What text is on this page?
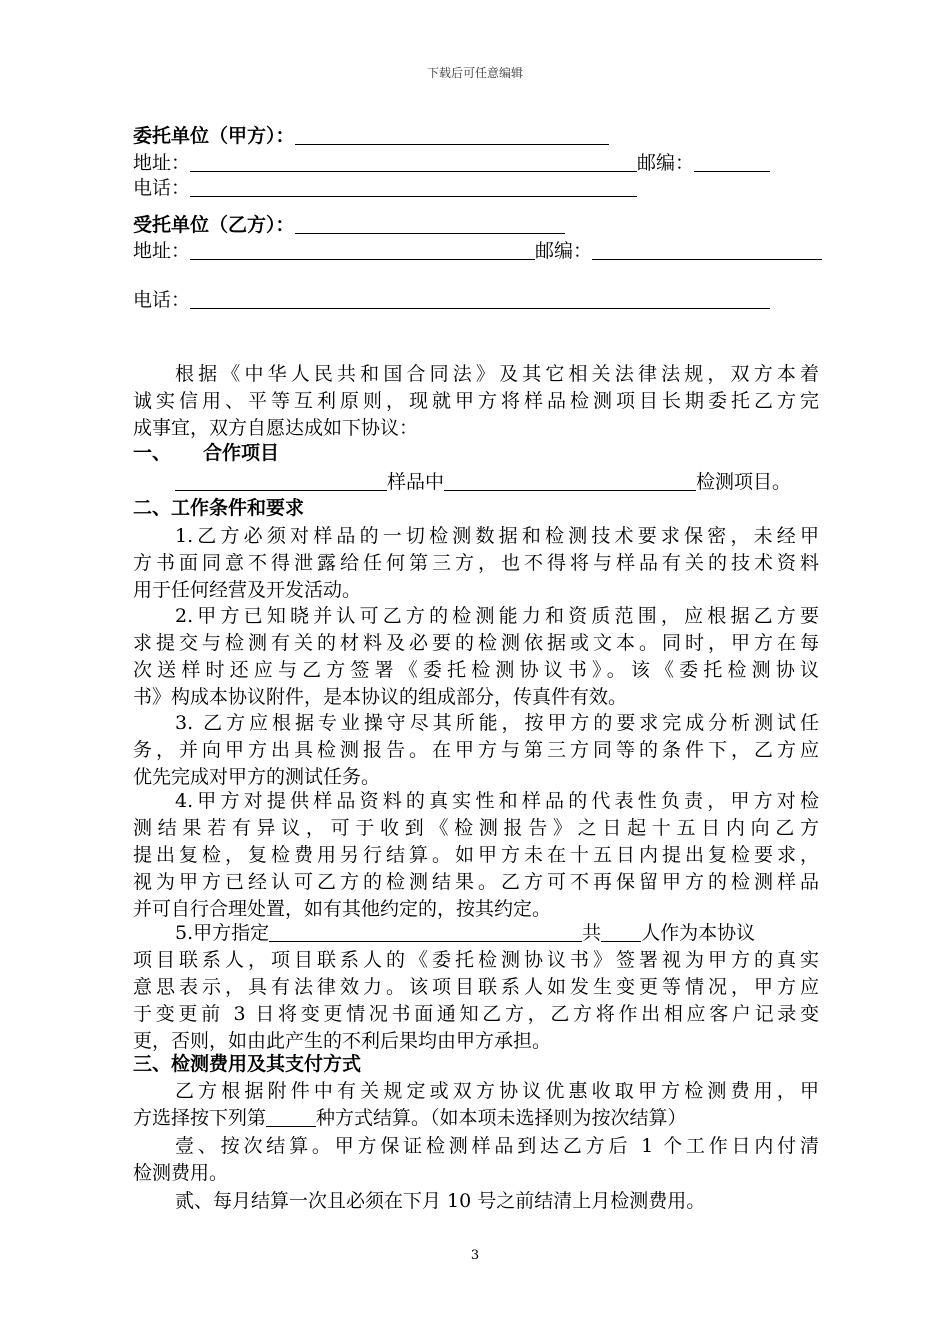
下载后可任意编辑
委托单位（甲方）：
地址：	邮编：
电话：
受托单位（乙方）：
地址：	邮编：
电话：
根据《中华人民共和国合同法》及其它相关法律法规，双方本着
诚实信用、平等互利原则，现就甲方将样品检测项目长期委托乙方完
成事宜，双方自愿达成如下协议：
一、 合作项目
样品中	检测项目。
二、工作条件和要求
1.乙方必须对样品的一切检测数据和检测技术要求保密，未经甲
方书面同意不得泄露给任何第三方，也不得将与样品有关的技术资料
用于任何经营及开发活动。
2.甲方已知晓并认可乙方的检测能力和资质范围，应根据乙方要
求提交与检测有关的材料及必要的检测依据或文本。同时，甲方在每
次送样时还应与乙方签署《委托检测协议书》。该《委托检测协议
书》构成本协议附件，是本协议的组成部分，传真件有效。
3. 乙方应根据专业操守尽其所能，按甲方的要求完成分析测试任
务，并向甲方出具检测报告。在甲方与第三方同等的条件下，乙方应
优先完成对甲方的测试任务。
4.甲方对提供样品资料的真实性和样品的代表性负责，甲方对检
测结果若有异议，可于收到《检测报告》之日起十五日内向乙方
提出复检，复检费用另行结算。如甲方未在十五日内提出复检要求，
视为甲方已经认可乙方的检测结果。乙方可不再保留甲方的检测样品
并可自行合理处置，如有其他约定的，按其约定。
5.甲方指定	共 人作为本协议
项目联系人，项目联系人的《委托检测协议书》签署视为甲方的真实
意思表示，具有法律效力。该项目联系人如发生变更等情况，甲方应
于变更前 3 日将变更情况书面通知乙方，乙方将作出相应客户记录变
更，否则，如由此产生的不利后果均由甲方承担。
三、检测费用及其支付方式
乙方根据附件中有关规定或双方协议优惠收取甲方检测费用，甲
方选择按下列第	种方式结算。（如本项未选择则为按次结算）
壹、按次结算。甲方保证检测样品到达乙方后 1 个工作日内付清
检测费用。
贰、每月结算一次且必须在下月 10 号之前结清上月检测费用。
3
